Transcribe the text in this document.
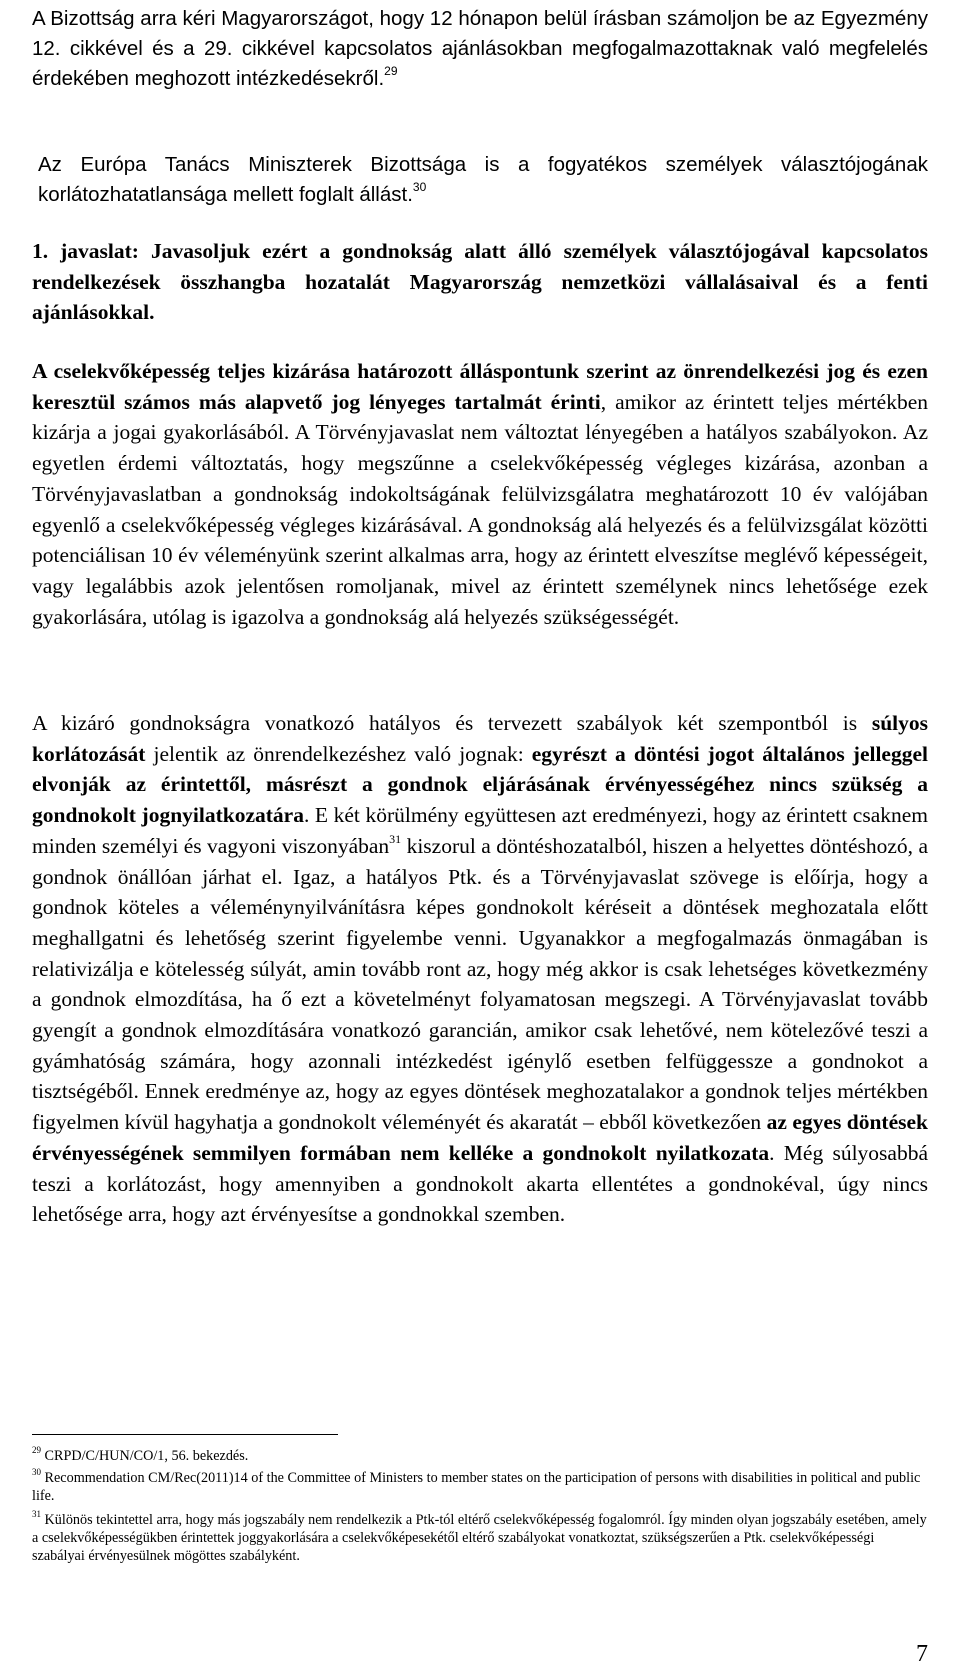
A Bizottság arra kéri Magyarországot, hogy 12 hónapon belül írásban számoljon be az Egyezmény 12. cikkével és a 29. cikkével kapcsolatos ajánlásokban megfogalmazottaknak való megfelelés érdekében meghozott intézkedésekről.$^{29}$

Az Európa Tanács Miniszterek Bizottsága is a fogyatékos személyek választójogának korlátozhatatlansága mellett foglalt állást.$^{30}$

1. javaslat: Javasoljuk ezért a gondnokság alatt álló személyek választójogával kapcsolatos rendelkezések összhangba hozatalát Magyarország nemzetközi vállalásaival és a fenti ajánlásokkal.

A cselekvőképesség teljes kizárása határozott álláspontunk szerint az önrendelkezési jog és ezen keresztül számos más alapvető jog lényeges tartalmát érinti, amikor az érintett teljes mértékben kizárja a jogai gyakorlásából. A Törvényjavaslat nem változtat lényegében a hatályos szabályokon. Az egyetlen érdemi változtatás, hogy megszűnne a cselekvőképesség végleges kizárása, azonban a Törvényjavaslatban a gondnokság indokoltságának felülvizsgálatra meghatározott 10 év valójában egyenlő a cselekvőképesség végleges kizárásával. A gondnokság alá helyezés és a felülvizsgálat közötti potenciálisan 10 év véleményünk szerint alkalmas arra, hogy az érintett elveszítse meglévő képességeit, vagy legalábbis azok jelentősen romoljanak, mivel az érintett személynek nincs lehetősége ezek gyakorlására, utólag is igazolva a gondnokság alá helyezés szükségességét.

A kizáró gondnokságra vonatkozó hatályos és tervezett szabályok két szempontból is súlyos korlátozását jelentik az önrendelkezéshez való jognak: egyrészt a döntési jogot általános jelleggel elvonják az érintettől, másrészt a gondnok eljárásának érvényességéhez nincs szükség a gondnokolt jognyilatkozatára. E két körülmény együttesen azt eredményezi, hogy az érintett csaknem minden személyi és vagyoni viszonyában$^{31}$ kiszorul a döntéshozatalból, hiszen a helyettes döntéshozó, a gondnok önállóan járhat el. Igaz, a hatályos Ptk. és a Törvényjavaslat szövege is előírja, hogy a gondnok köteles a véleménynyilvánításra képes gondnokolt kéréseit a döntések meghozatala előtt meghallgatni és lehetőség szerint figyelembe venni. Ugyanakkor a megfogalmazás önmagában is relativizálja e kötelesség súlyát, amin tovább ront az, hogy még akkor is csak lehetséges következmény a gondnok elmozdítása, ha ő ezt a követelményt folyamatosan megszegi. A Törvényjavaslat tovább gyengít a gondnok elmozdítására vonatkozó garancián, amikor csak lehetővé, nem kötelezővé teszi a gyámhatóság számára, hogy azonnali intézkedést igénylő esetben felfüggessze a gondnokot a tisztségéből. Ennek eredménye az, hogy az egyes döntések meghozatalakor a gondnok teljes mértékben figyelmen kívül hagyhatja a gondnokolt véleményét és akaratát – ebből következően az egyes döntések érvényességének semmilyen formában nem kelléke a gondnokolt nyilatkozata. Még súlyosabbá teszi a korlátozást, hogy amennyiben a gondnokolt akarta ellentétes a gondnokéval, úgy nincs lehetősége arra, hogy azt érvényesítse a gondnokkal szemben.

$^{29}$ CRPD/C/HUN/CO/1, 56. bekezdés.

$^{30}$ Recommendation CM/Rec(2011)14 of the Committee of Ministers to member states on the participation of persons with disabilities in political and public life.

$^{31}$ Különös tekintettel arra, hogy más jogszabály nem rendelkezik a Ptk-tól eltérő cselekvőképesség fogalomról. Így minden olyan jogszabály esetében, amely a cselekvőképességükben érintettek joggyakorlására a cselekvőképesekétől eltérő szabályokat vonatkoztat, szükségszerűen a Ptk. cselekvőképességi szabályai érvényesülnek mögöttes szabályként.

7
